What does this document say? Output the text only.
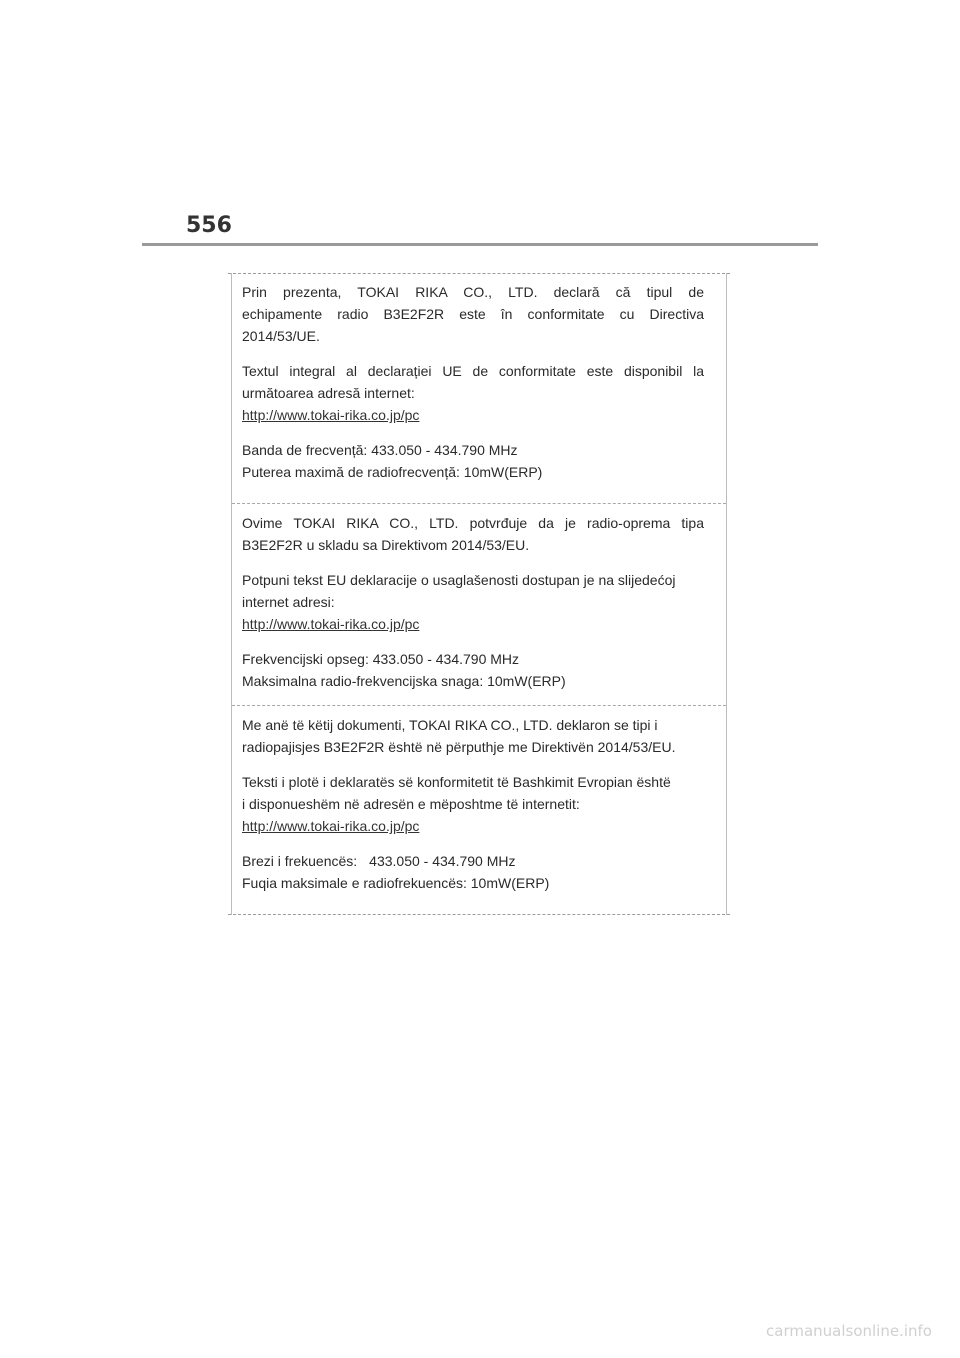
556
Prin prezenta, TOKAI RIKA CO., LTD. declară că tipul de
echipamente radio B3E2F2R este în conformitate cu Directiva
2014/53/UE.
Textul integral al declarației UE de conformitate este disponibil la
următoarea adresă internet:
http://www.tokai-rika.co.jp/pc
Banda de frecvență: 433.050 - 434.790 MHz
Puterea maximă de radiofrecvență: 10mW(ERP)
Ovime TOKAI RIKA CO., LTD. potvrđuje da je radio-oprema tipa
B3E2F2R u skladu sa Direktivom 2014/53/EU.
Potpuni tekst EU deklaracije o usaglašenosti dostupan je na slijedećoj
internet adresi:
http://www.tokai-rika.co.jp/pc
Frekvencijski opseg: 433.050 - 434.790 MHz
Maksimalna radio-frekvencijska snaga: 10mW(ERP)
Me anë të këtij dokumenti, TOKAI RIKA CO., LTD. deklaron se tipi i
radiopajisjes B3E2F2R është në përputhje me Direktivën 2014/53/EU.
Teksti i plotë i deklaratës së konformitetit të Bashkimit Evropian është
i disponueshëm në adresën e mëposhtme të internetit:
http://www.tokai-rika.co.jp/pc
Brezi i frekuencës: 433.050 - 434.790 MHz
Fuqia maksimale e radiofrekuencës: 10mW(ERP)
carmanualsonline.info
